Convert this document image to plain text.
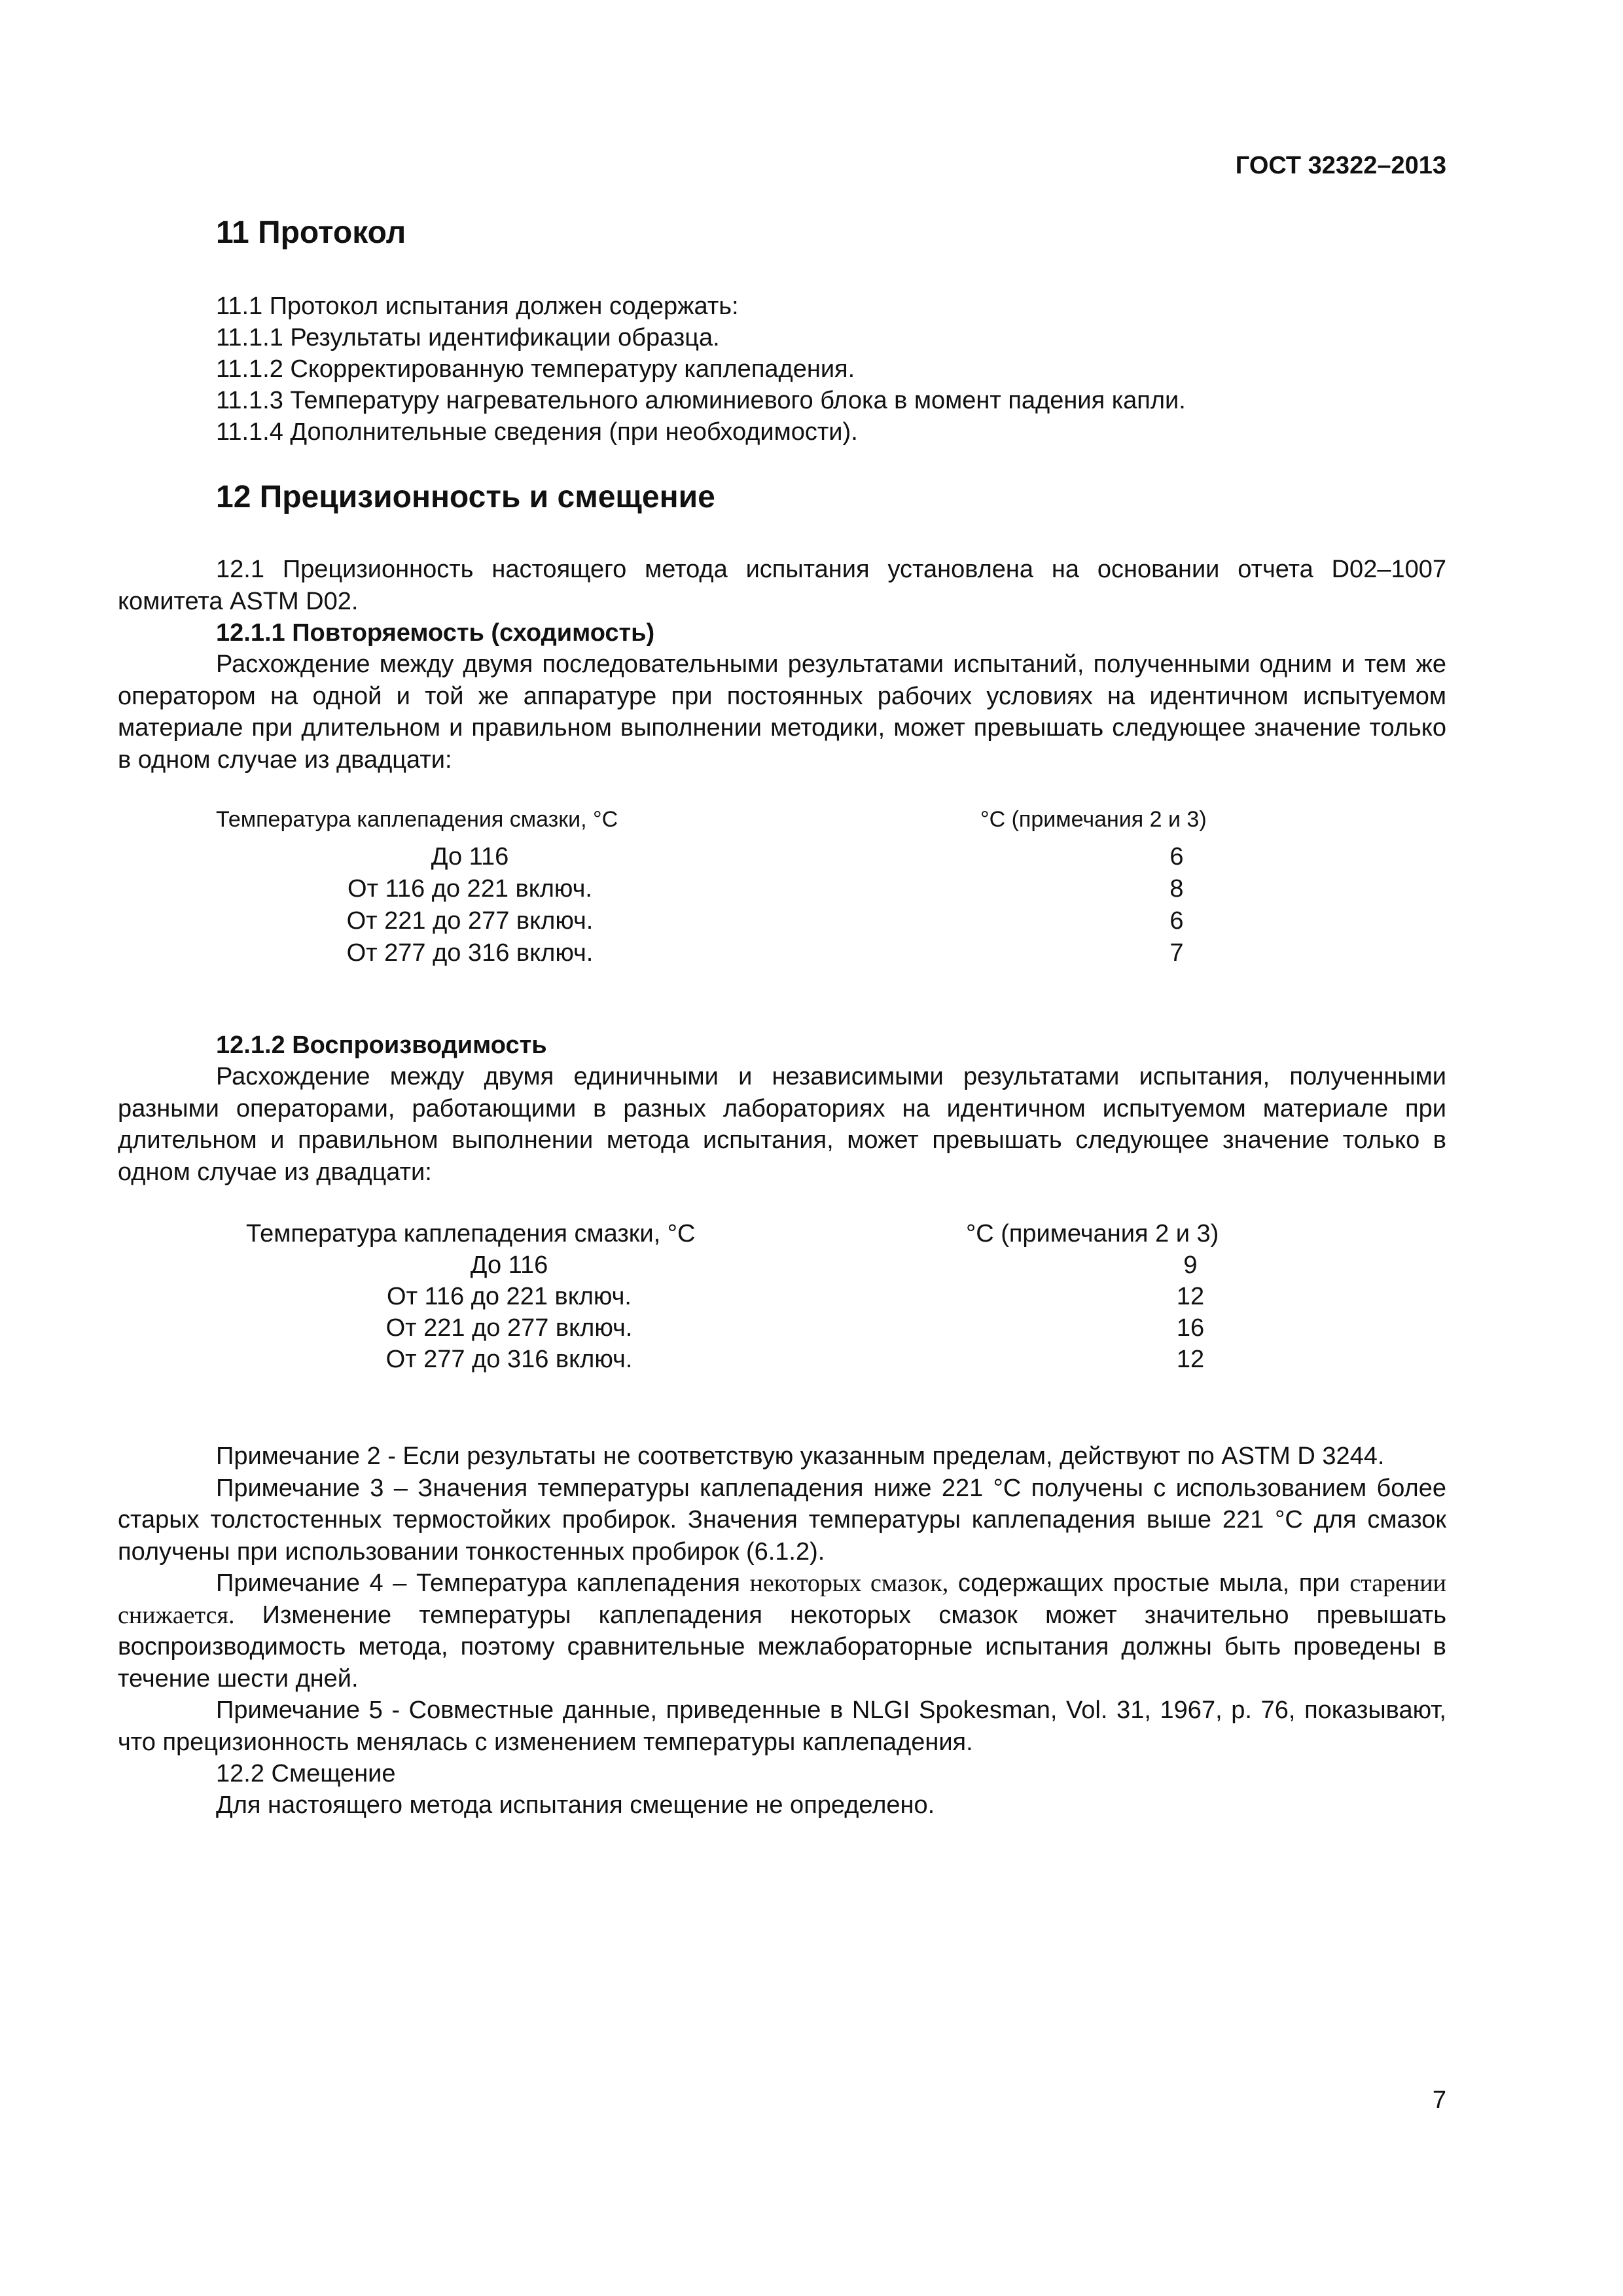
ГОСТ 32322–2013
11 Протокол

11.1 Протокол испытания должен содержать:

11.1.1 Результаты идентификации образца.

11.1.2 Скорректированную температуру каплепадения.

11.1.3 Температуру нагревательного алюминиевого блока в момент падения капли.

11.1.4 Дополнительные сведения (при необходимости).

12 Прецизионность и смещение

12.1 Прецизионность настоящего метода испытания установлена на основании отчета D02–1007 комитета ASTM D02.

12.1.1 Повторяемость (сходимость)

Расхождение между двумя последовательными результатами испытаний, полученными одним и тем же оператором на одной и той же аппаратуре при постоянных рабочих условиях на идентичном испытуемом материале при длительном и правильном выполнении методики, может превышать следующее значение только в одном случае из двадцати:

Температура каплепадения смазки, °С	°С (примечания 2 и 3)
До 116	6
От 116 до 221 включ.	8
От 221 до 277 включ.	6
От 277 до 316 включ.	7
12.1.2 Воспроизводимость

Расхождение между двумя единичными и независимыми результатами испытания, полученными разными операторами, работающими в разных лабораториях на идентичном испытуемом материале при длительном и правильном выполнении метода испытания, может превышать следующее значение только в одном случае из двадцати:

Температура каплепадения смазки, °С	°С (примечания 2 и 3)
До 116	9
От 116 до 221 включ.	12
От 221 до 277 включ.	16
От 277 до 316 включ.	12

Примечание 2 - Если результаты не соответствую указанным пределам, действуют по ASTM D 3244.

Примечание 3 – Значения температуры каплепадения ниже 221 °С получены с использованием более старых толстостенных термостойких пробирок. Значения температуры каплепадения выше 221 °С для смазок получены при использовании тонкостенных пробирок (6.1.2).

Примечание 4 – Температура каплепадения некоторых смазок, содержащих простые мыла, при старении снижается. Изменение температуры каплепадения некоторых смазок может значительно превышать воспроизводимость метода, поэтому сравнительные межлабораторные испытания должны быть проведены в течение шести дней.

Примечание 5 - Совместные данные, приведенные в NLGI Spokesman, Vol. 31, 1967, p. 76, показывают, что прецизионность менялась с изменением температуры каплепадения.

12.2 Смещение

Для настоящего метода испытания смещение не определено.

7
